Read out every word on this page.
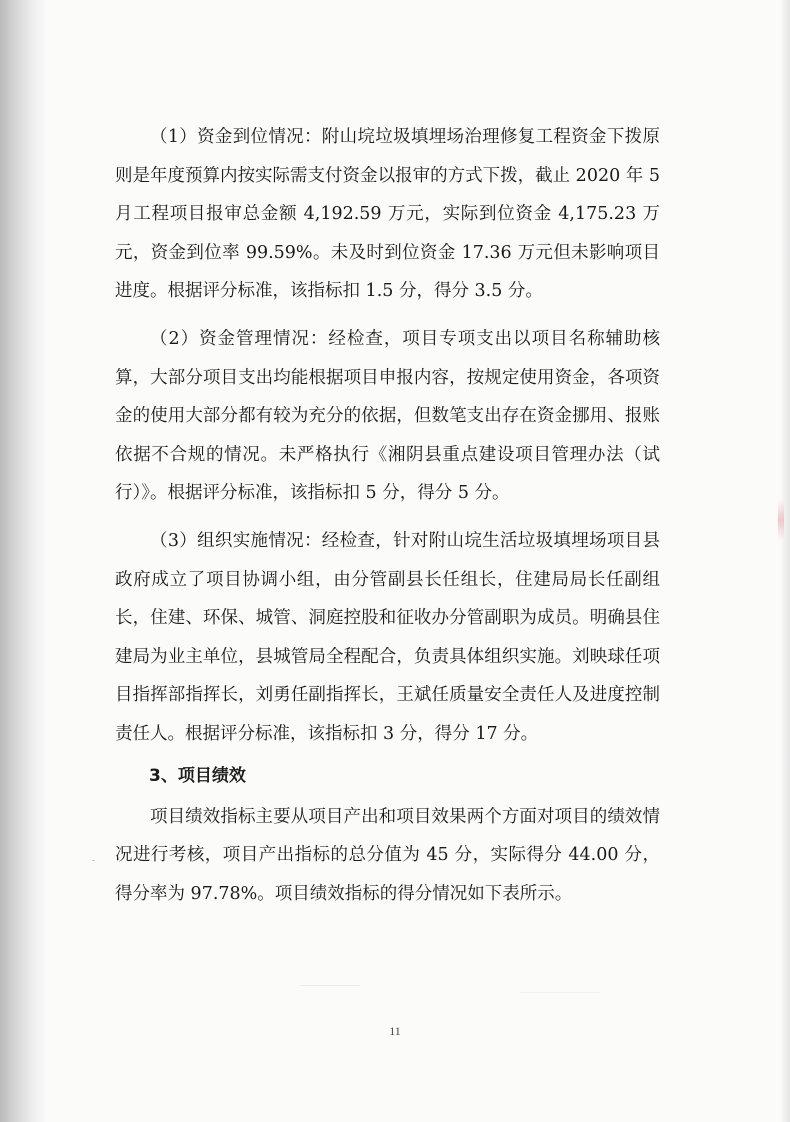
（1）资金到位情况：附山垸垃圾填埋场治理修复工程资金下拨原则是年度预算内按实际需支付资金以报审的方式下拨，截止 2020 年 5 月工程项目报审总金额 4,192.59 万元，实际到位资金 4,175.23 万元，资金到位率 99.59%。未及时到位资金 17.36 万元但未影响项目进度。根据评分标准，该指标扣 1.5 分，得分 3.5 分。

（2）资金管理情况：经检查，项目专项支出以项目名称辅助核算，大部分项目支出均能根据项目申报内容，按规定使用资金，各项资金的使用大部分都有较为充分的依据，但数笔支出存在资金挪用、报账依据不合规的情况。未严格执行《湘阴县重点建设项目管理办法（试行）》。根据评分标准，该指标扣 5 分，得分 5 分。

（3）组织实施情况：经检查，针对附山垸生活垃圾填埋场项目县政府成立了项目协调小组，由分管副县长任组长，住建局局长任副组长，住建、环保、城管、洞庭控股和征收办分管副职为成员。明确县住建局为业主单位，县城管局全程配合，负责具体组织实施。刘映球任项目指挥部指挥长，刘勇任副指挥长，王斌任质量安全责任人及进度控制责任人。根据评分标准，该指标扣 3 分，得分 17 分。

3、项目绩效

项目绩效指标主要从项目产出和项目效果两个方面对项目的绩效情况进行考核，项目产出指标的总分值为 45 分，实际得分 44.00 分，得分率为 97.78%。项目绩效指标的得分情况如下表所示。

11
